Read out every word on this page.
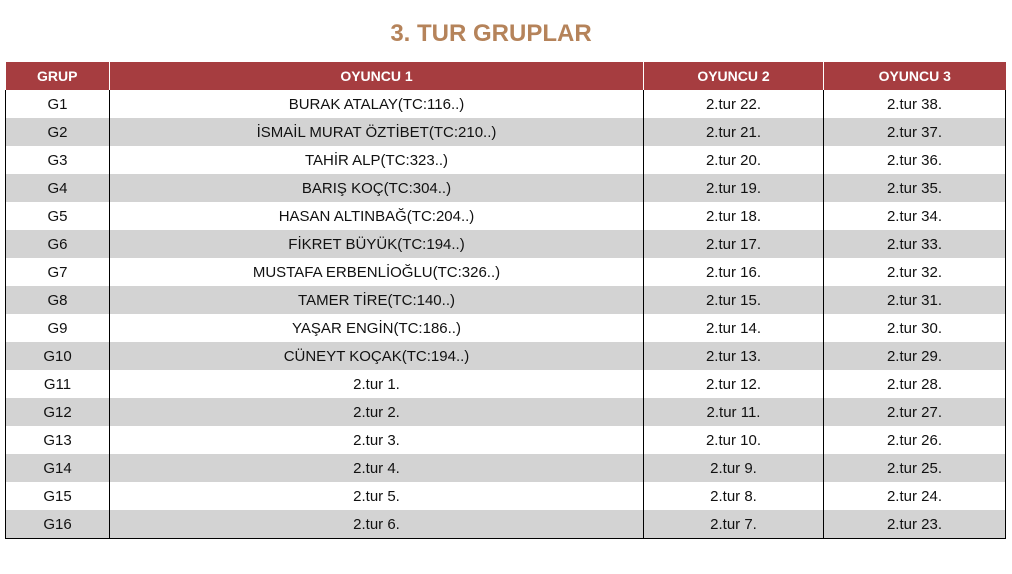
3. TUR GRUPLAR
GRUP	OYUNCU 1	OYUNCU 2	OYUNCU 3
G1	BURAK ATALAY(TC:116..)	2.tur 22.	2.tur 38.
G2	İSMAİL MURAT ÖZTİBET(TC:210..)	2.tur 21.	2.tur 37.
G3	TAHİR ALP(TC:323..)	2.tur 20.	2.tur 36.
G4	BARIŞ KOÇ(TC:304..)	2.tur 19.	2.tur 35.
G5	HASAN ALTINBAĞ(TC:204..)	2.tur 18.	2.tur 34.
G6	FİKRET BÜYÜK(TC:194..)	2.tur 17.	2.tur 33.
G7	MUSTAFA ERBENLİOĞLU(TC:326..)	2.tur 16.	2.tur 32.
G8	TAMER TİRE(TC:140..)	2.tur 15.	2.tur 31.
G9	YAŞAR ENGİN(TC:186..)	2.tur 14.	2.tur 30.
G10	CÜNEYT KOÇAK(TC:194..)	2.tur 13.	2.tur 29.
G11	2.tur 1.	2.tur 12.	2.tur 28.
G12	2.tur 2.	2.tur 11.	2.tur 27.
G13	2.tur 3.	2.tur 10.	2.tur 26.
G14	2.tur 4.	2.tur 9.	2.tur 25.
G15	2.tur 5.	2.tur 8.	2.tur 24.
G16	2.tur 6.	2.tur 7.	2.tur 23.
